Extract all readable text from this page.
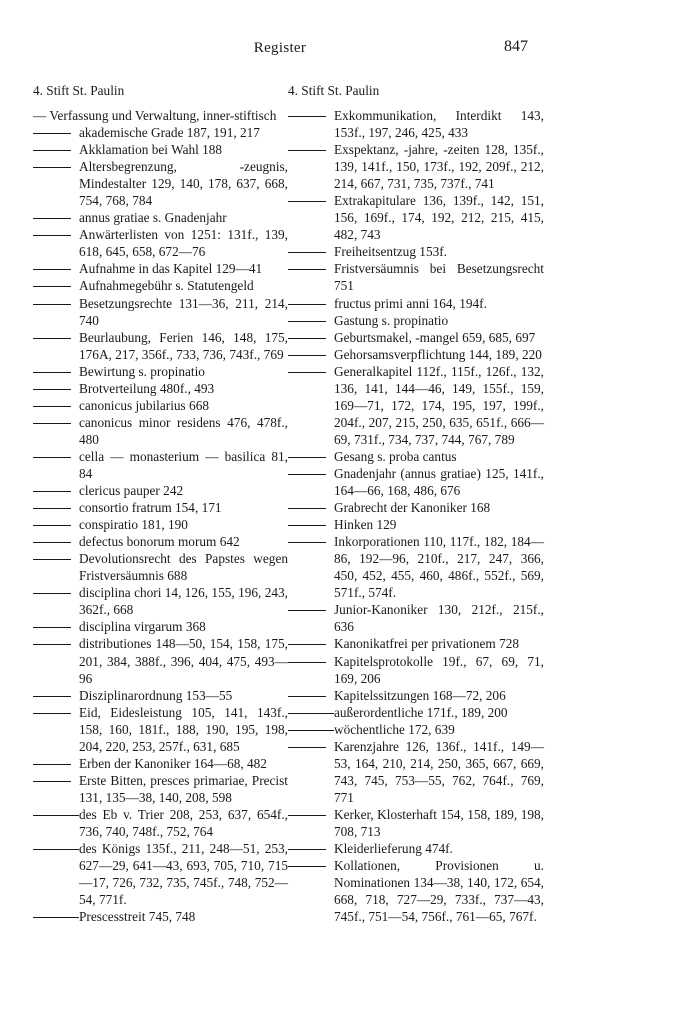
Register	847
4. Stift St. Paulin
— Verfassung und Verwaltung, inner-stiftisch
akademische Grade 187, 191, 217
Akklamation bei Wahl 188
Altersbegrenzung, -zeugnis, Mindestalter 129, 140, 178, 637, 668, 754, 768, 784
annus gratiae s. Gnadenjahr
Anwärterlisten von 1251: 131f., 139, 618, 645, 658, 672—76
Aufnahme in das Kapitel 129—41
Aufnahmegebühr s. Statutengeld
Besetzungsrechte 131—36, 211, 214, 740
Beurlaubung, Ferien 146, 148, 175, 176A, 217, 356f., 733, 736, 743f., 769
Bewirtung s. propinatio
Brotverteilung 480f., 493
canonicus jubilarius 668
canonicus minor residens 476, 478f., 480
cella — monasterium — basilica 81, 84
clericus pauper 242
consortio fratrum 154, 171
conspiratio 181, 190
defectus bonorum morum 642
Devolutionsrecht des Papstes wegen Fristversäumnis 688
disciplina chori 14, 126, 155, 196, 243, 362f., 668
disciplina virgarum 368
distributiones 148—50, 154, 158, 175, 201, 384, 388f., 396, 404, 475, 493—96
Disziplinarordnung 153—55
Eid, Eidesleistung 105, 141, 143f., 158, 160, 181f., 188, 190, 195, 198, 204, 220, 253, 257f., 631, 685
Erben der Kanoniker 164—68, 482
Erste Bitten, presces primariae, Precist 131, 135—38, 140, 208, 598
des Eb v. Trier 208, 253, 637, 654f., 736, 740, 748f., 752, 764
des Königs 135f., 211, 248—51, 253, 627—29, 641—43, 693, 705, 710, 715—17, 726, 732, 735, 745f., 748, 752—54, 771f.
Prescesstreit 745, 748
4. Stift St. Paulin
Exkommunikation, Interdikt 143, 153f., 197, 246, 425, 433
Exspektanz, -jahre, -zeiten 128, 135f., 139, 141f., 150, 173f., 192, 209f., 212, 214, 667, 731, 735, 737f., 741
Extrakapitulare 136, 139f., 142, 151, 156, 169f., 174, 192, 212, 215, 415, 482, 743
Freiheitsentzug 153f.
Fristversäumnis bei Besetzungsrecht 751
fructus primi anni 164, 194f.
Gastung s. propinatio
Geburtsmakel, -mangel 659, 685, 697
Gehorsamsverpflichtung 144, 189, 220
Generalkapitel 112f., 115f., 126f., 132, 136, 141, 144—46, 149, 155f., 159, 169—71, 172, 174, 195, 197, 199f., 204f., 207, 215, 250, 635, 651f., 666—69, 731f., 734, 737, 744, 767, 789
Gesang s. proba cantus
Gnadenjahr (annus gratiae) 125, 141f., 164—66, 168, 486, 676
Grabrecht der Kanoniker 168
Hinken 129
Inkorporationen 110, 117f., 182, 184—86, 192—96, 210f., 217, 247, 366, 450, 452, 455, 460, 486f., 552f., 569, 571f., 574f.
Junior-Kanoniker 130, 212f., 215f., 636
Kanonikatfrei per privationem 728
Kapitelsprotokolle 19f., 67, 69, 71, 169, 206
Kapitelssitzungen 168—72, 206
außerordentliche 171f., 189, 200
wöchentliche 172, 639
Karenzjahre 126, 136f., 141f., 149—53, 164, 210, 214, 250, 365, 667, 669, 743, 745, 753—55, 762, 764f., 769, 771
Kerker, Klosterhaft 154, 158, 189, 198, 708, 713
Kleiderlieferung 474f.
Kollationen, Provisionen u. Nominationen 134—38, 140, 172, 654, 668, 718, 727—29, 733f., 737—43, 745f., 751—54, 756f., 761—65, 767f.
